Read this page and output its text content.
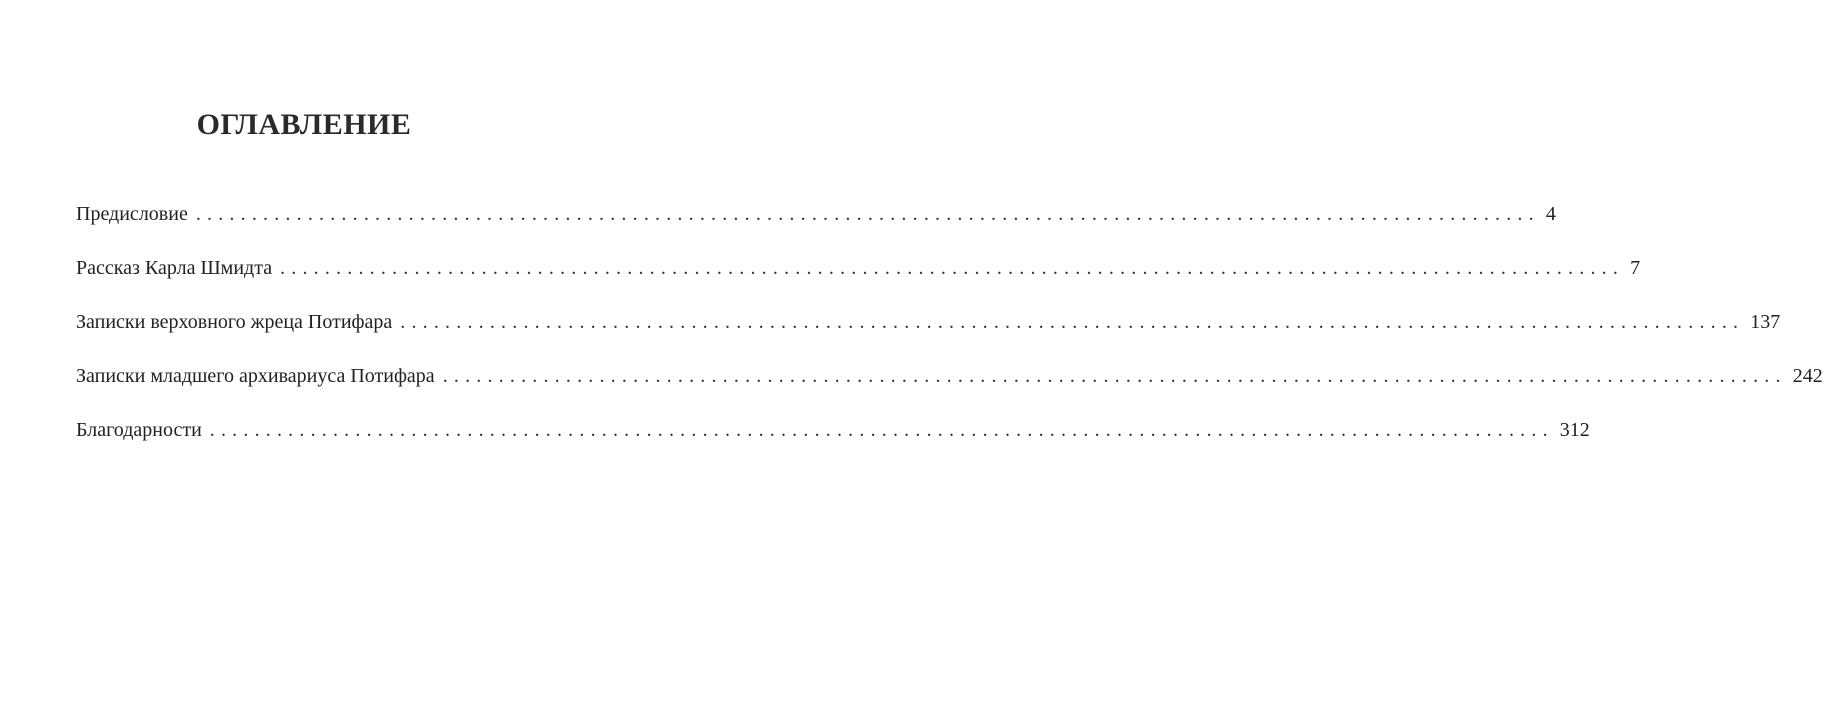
ОГЛАВЛЕНИЕ
Предисловие ........................................................................................................................ 4
Рассказ Карла Шмидта ........................................................................................................................ 7
Записки верховного жреца Потифара ........................................................................................................................ 137
Записки младшего архивариуса Потифара ........................................................................................................................ 242
Благодарности ........................................................................................................................ 312
